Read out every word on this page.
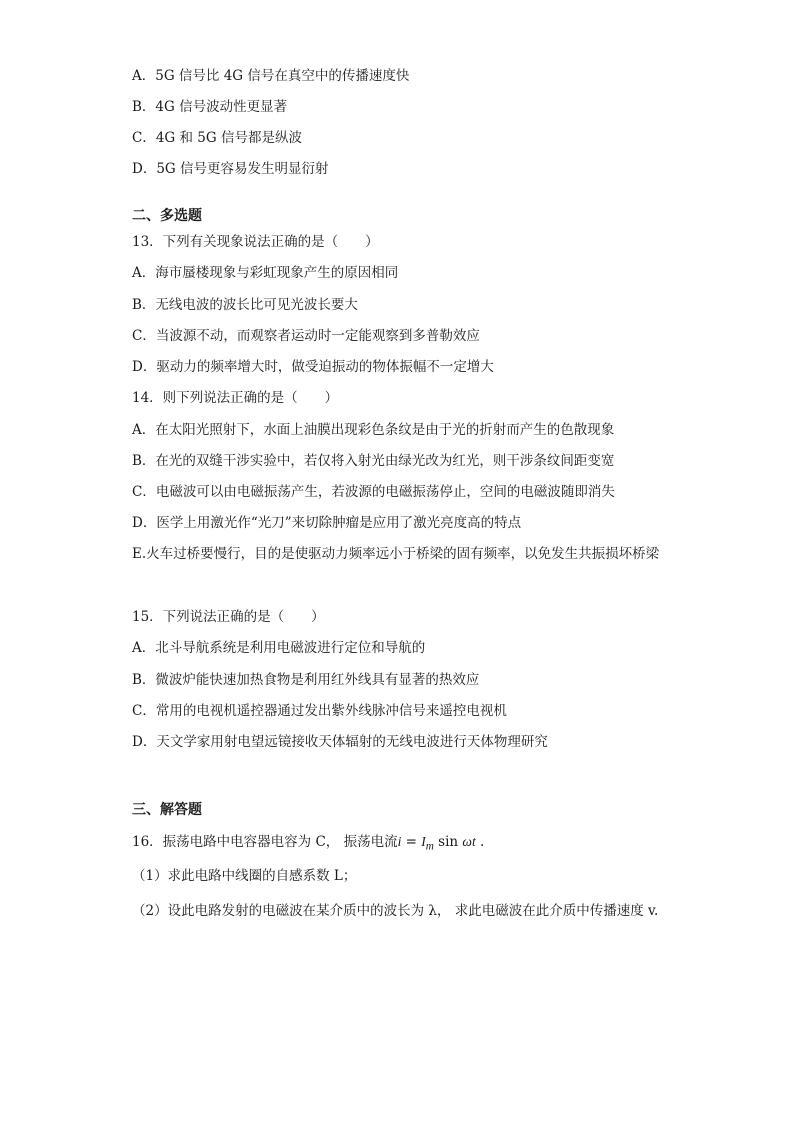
A．5G 信号比 4G 信号在真空中的传播速度快
B．4G 信号波动性更显著
C．4G 和 5G 信号都是纵波
D．5G 信号更容易发生明显衍射
二、多选题
13．下列有关现象说法正确的是（　　）
A．海市蜃楼现象与彩虹现象产生的原因相同
B．无线电波的波长比可见光波长要大
C．当波源不动，而观察者运动时一定能观察到多普勒效应
D．驱动力的频率增大时，做受迫振动的物体振幅不一定增大
14．则下列说法正确的是（　　）
A．在太阳光照射下，水面上油膜出现彩色条纹是由于光的折射而产生的色散现象
B．在光的双缝干涉实验中，若仅将入射光由绿光改为红光，则干涉条纹间距变宽
C．电磁波可以由电磁振荡产生，若波源的电磁振荡停止，空间的电磁波随即消失
D．医学上用激光作“光刀”来切除肿瘤是应用了激光亮度高的特点
E.火车过桥要慢行，目的是使驱动力频率远小于桥梁的固有频率，以免发生共振损坏桥梁
15．下列说法正确的是（　　）
A．北斗导航系统是利用电磁波进行定位和导航的
B．微波炉能快速加热食物是利用红外线具有显著的热效应
C．常用的电视机遥控器通过发出紫外线脉冲信号来遥控电视机
D．天文学家用射电望远镜接收天体辐射的无线电波进行天体物理研究
三、解答题
16．振荡电路中电容器电容为 C， 振荡电流$i = I_m$ sin ωt .
（1）求此电路中线圈的自感系数 L；
（2）设此电路发射的电磁波在某介质中的波长为 λ， 求此电磁波在此介质中传播速度 v.
